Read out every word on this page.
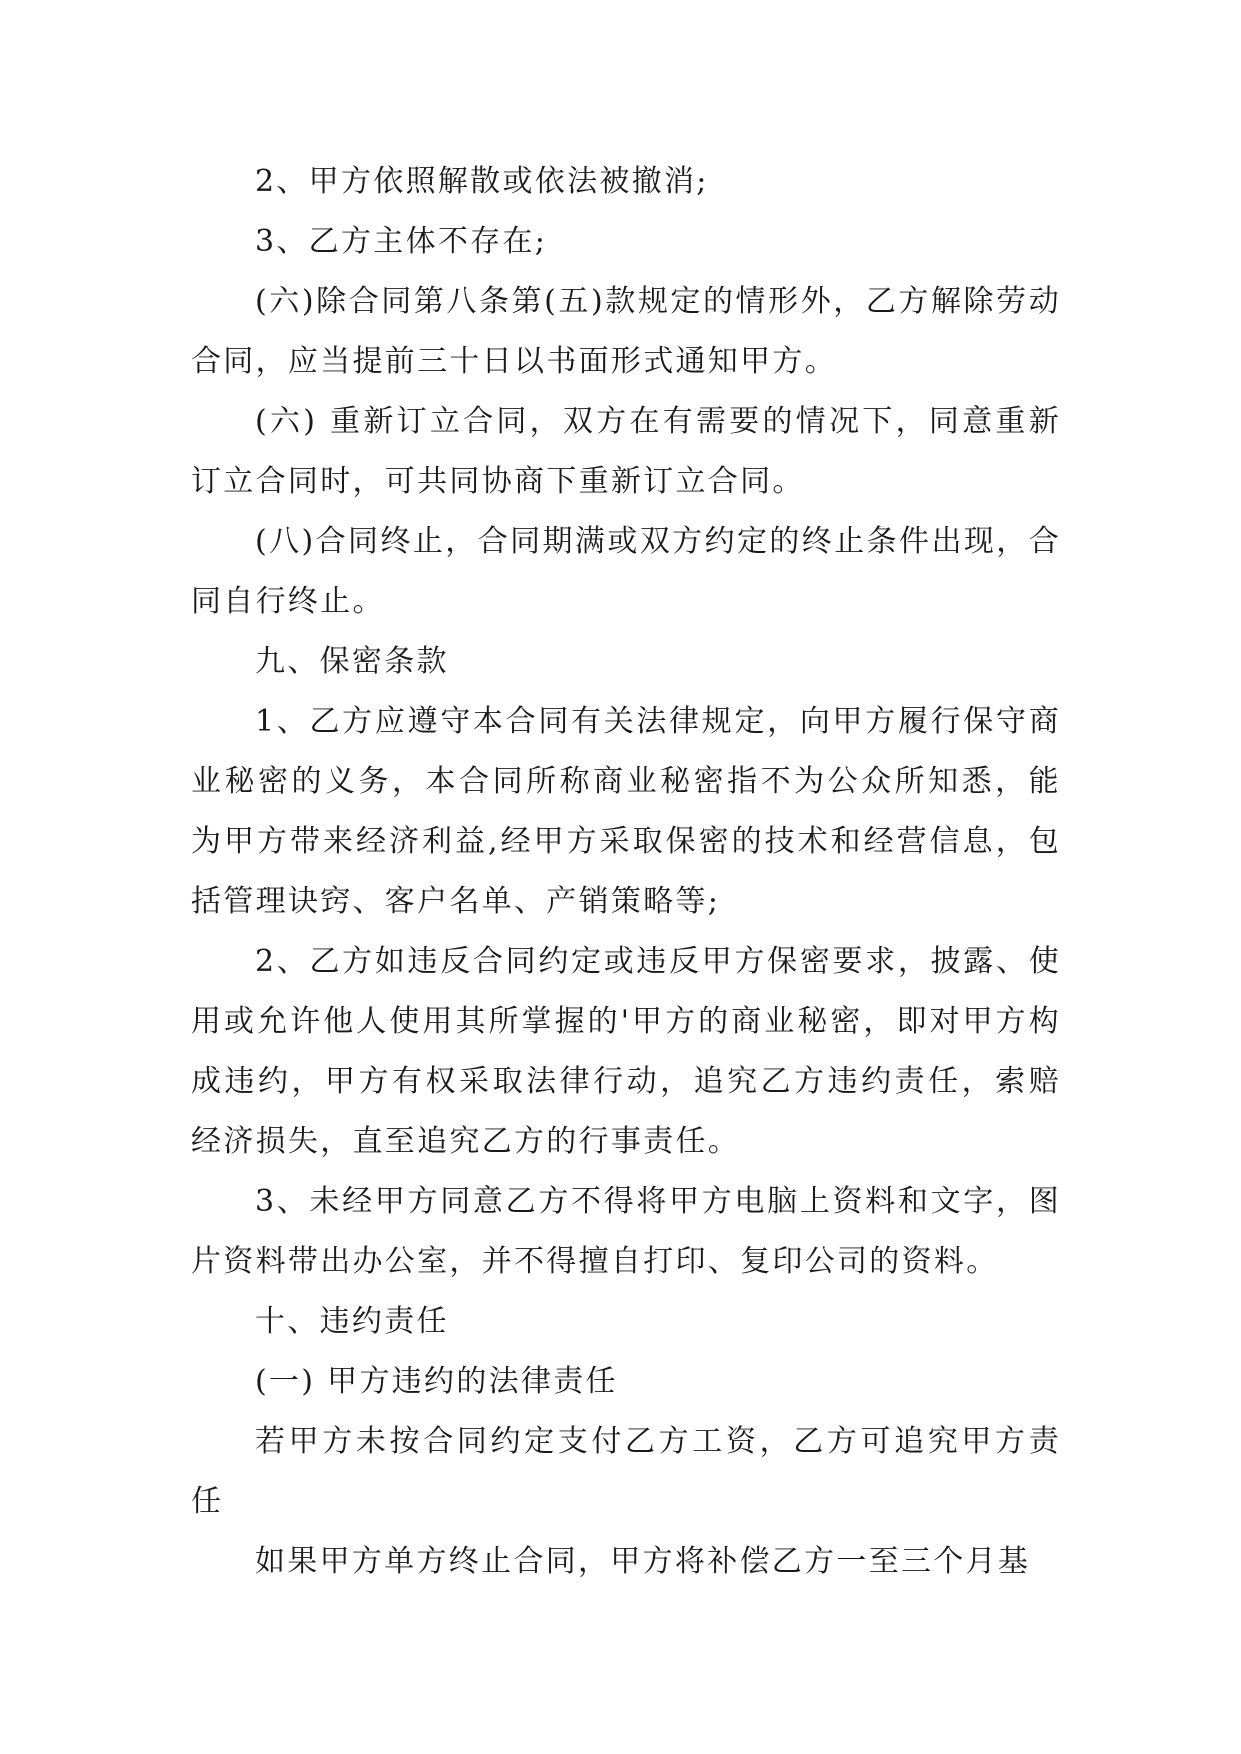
2、甲方依照解散或依法被撤消;

3、乙方主体不存在;

(六)除合同第八条第(五)款规定的情形外，乙方解除劳动合同，应当提前三十日以书面形式通知甲方。

(六) 重新订立合同，双方在有需要的情况下，同意重新订立合同时，可共同协商下重新订立合同。

(八)合同终止，合同期满或双方约定的终止条件出现，合同自行终止。

九、保密条款

1、乙方应遵守本合同有关法律规定，向甲方履行保守商业秘密的义务，本合同所称商业秘密指不为公众所知悉，能为甲方带来经济利益,经甲方采取保密的技术和经营信息，包括管理诀窍、客户名单、产销策略等;

2、乙方如违反合同约定或违反甲方保密要求，披露、使用或允许他人使用其所掌握的'甲方的商业秘密，即对甲方构成违约，甲方有权采取法律行动，追究乙方违约责任，索赔经济损失，直至追究乙方的行事责任。

3、未经甲方同意乙方不得将甲方电脑上资料和文字，图片资料带出办公室，并不得擅自打印、复印公司的资料。

十、违约责任

(一) 甲方违约的法律责任

若甲方未按合同约定支付乙方工资，乙方可追究甲方责任

如果甲方单方终止合同，甲方将补偿乙方一至三个月基
